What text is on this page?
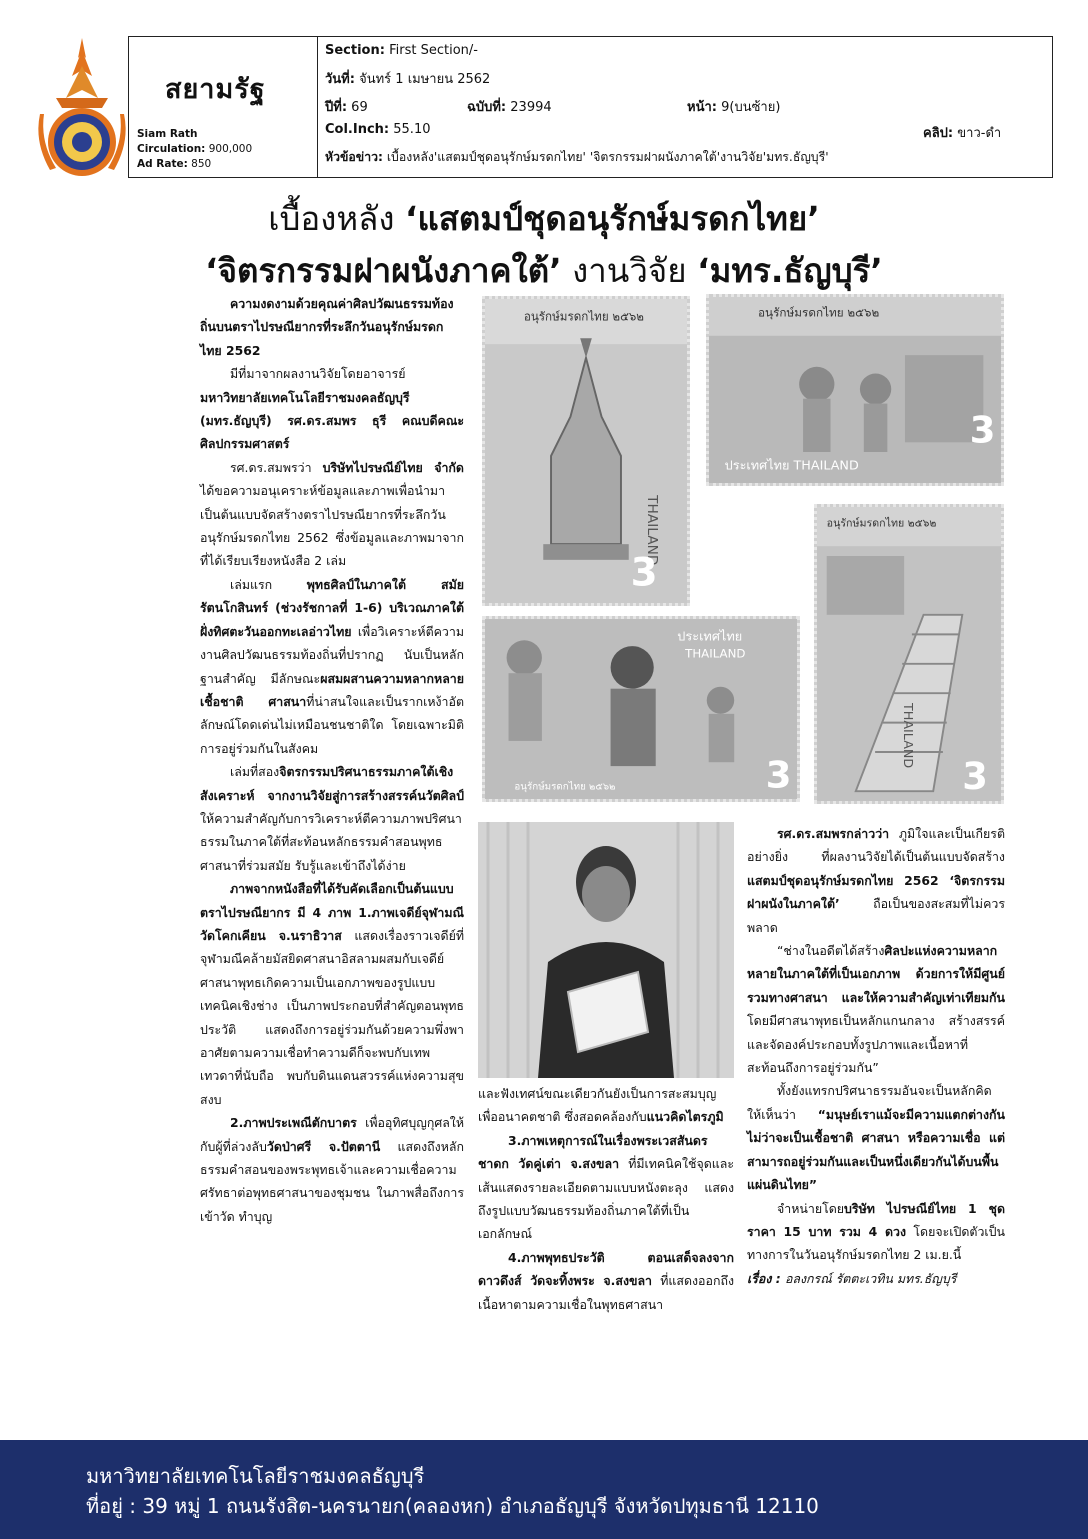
สยามรัฐ
Siam Rath
Circulation: 900,000
Ad Rate: 850
Section: First Section/-
วันที่: จันทร์ 1 เมษายน 2562
ปีที่: 69	ฉบับที่: 23994	หน้า: 9(บนซ้าย)
Col.Inch: 55.10	คลิป: ขาว-ดำ
หัวข้อข่าว: เบื้องหลัง'แสตมป์ชุดอนุรักษ์มรดกไทย' 'จิตรกรรมฝาผนังภาคใต้'งานวิจัย'มทร.ธัญบุรี'
เบื้องหลัง ‘แสตมป์ชุดอนุรักษ์มรดกไทย’
‘จิตรกรรมฝาผนังภาคใต้’ งานวิจัย ‘มทร.ธัญบุรี’
อนุรักษ์มรดกไทย ๒๕๖๒
THAILAND
3
อนุรักษ์มรดกไทย ๒๕๖๒
ประเทศไทย THAILAND
3
อนุรักษ์มรดกไทย ๒๕๖๒
THAILAND
3
ประเทศไทย
THAILAND
อนุรักษ์มรดกไทย ๒๕๖๒	3

ความงดงามด้วยคุณค่าศิลปวัฒนธรรมท้องถิ่นบนตราไปรษณียากรที่ระลึกวันอนุรักษ์มรดกไทย 2562

มีที่มาจากผลงานวิจัยโดยอาจารย์มหาวิทยาลัยเทคโนโลยีราชมงคลธัญบุรี (มทร.ธัญบุรี) รศ.ดร.สมพร ธุรี คณบดีคณะศิลปกรรมศาสตร์

รศ.ดร.สมพรว่า บริษัทไปรษณีย์ไทย จำกัดได้ขอความอนุเคราะห์ข้อมูลและภาพเพื่อนำมาเป็นต้นแบบจัดสร้างตราไปรษณียากรที่ระลึกวันอนุรักษ์มรดกไทย 2562 ซึ่งข้อมูลและภาพมาจากที่ได้เรียบเรียงหนังสือ 2 เล่ม

เล่มแรก พุทธศิลป์ในภาคใต้ สมัยรัตนโกสินทร์ (ช่วงรัชกาลที่ 1-6) บริเวณภาคใต้ฝั่งทิศตะวันออกทะเลอ่าวไทย เพื่อวิเคราะห์ตีความงานศิลปวัฒนธรรมท้องถิ่นที่ปรากฏ นับเป็นหลักฐานสำคัญ มีลักษณะผสมผสานความหลากหลายเชื้อชาติ ศาสนาที่น่าสนใจและเป็นรากเหง้าอัตลักษณ์โดดเด่นไม่เหมือนชนชาติใด โดยเฉพาะมิติการอยู่ร่วมกันในสังคม

เล่มที่สองจิตรกรรมปริศนาธรรมภาคใต้เชิงสังเคราะห์ จากงานวิจัยสู่การสร้างสรรค์นวัตศิลป์ ให้ความสำคัญกับการวิเคราะห์ตีความภาพปริศนาธรรมในภาคใต้ที่สะท้อนหลักธรรมคำสอนพุทธศาสนาที่ร่วมสมัย รับรู้และเข้าถึงได้ง่าย

ภาพจากหนังสือที่ได้รับคัดเลือกเป็นต้นแบบตราไปรษณียากร มี 4 ภาพ 1.ภาพเจดีย์จุฬามณี วัดโคกเคียน จ.นราธิวาส แสดงเรื่องราวเจดีย์ที่จุฬามณีคล้ายมัสยิดศาสนาอิสลามผสมกับเจดีย์ศาสนาพุทธเกิดความเป็นเอกภาพของรูปแบบเทคนิคเชิงช่าง เป็นภาพประกอบที่สำคัญตอนพุทธประวัติ แสดงถึงการอยู่ร่วมกันด้วยความพึ่งพาอาศัยตามความเชื่อทำความดีก็จะพบกับเทพเทวดาที่นับถือ พบกับดินแดนสวรรค์แห่งความสุขสงบ

2.ภาพประเพณีตักบาตร เพื่ออุทิศบุญกุศลให้กับผู้ที่ล่วงลับวัดป่าศรี จ.ปัตตานี แสดงถึงหลักธรรมคำสอนของพระพุทธเจ้าและความเชื่อความศรัทธาต่อพุทธศาสนาของชุมชน ในภาพสื่อถึงการเข้าวัด ทำบุญ

และฟังเทศน์ขณะเดียวกันยังเป็นการสะสมบุญเพื่ออนาคตชาติ ซึ่งสอดคล้องกับแนวคิดไตรภูมิ

3.ภาพเหตุการณ์ในเรื่องพระเวสสันดรชาดก วัดคู่เต่า จ.สงขลา ที่มีเทคนิคใช้จุดและเส้นแสดงรายละเอียดตามแบบหนังตะลุง แสดงถึงรูปแบบวัฒนธรรมท้องถิ่นภาคใต้ที่เป็นเอกลักษณ์

4.ภาพพุทธประวัติ ตอนเสด็จลงจากดาวดึงส์ วัดจะทิ้งพระ จ.สงขลา ที่แสดงออกถึงเนื้อหาตามความเชื่อในพุทธศาสนา

รศ.ดร.สมพรกล่าวว่า ภูมิใจและเป็นเกียรติอย่างยิ่ง ที่ผลงานวิจัยได้เป็นต้นแบบจัดสร้างแสตมป์ชุดอนุรักษ์มรดกไทย 2562 ‘จิตรกรรมฝาผนังในภาคใต้’ ถือเป็นของสะสมที่ไม่ควรพลาด

“ช่างในอดีตได้สร้างศิลปะแห่งความหลากหลายในภาคใต้ที่เป็นเอกภาพ ด้วยการให้มีศูนย์รวมทางศาสนา และให้ความสำคัญเท่าเทียมกัน โดยมีศาสนาพุทธเป็นหลักแกนกลาง สร้างสรรค์และจัดองค์ประกอบทั้งรูปภาพและเนื้อหาที่สะท้อนถึงการอยู่ร่วมกัน”

ทั้งยังแทรกปริศนาธรรมอันจะเป็นหลักคิดให้เห็นว่า “มนุษย์เราแม้จะมีความแตกต่างกัน ไม่ว่าจะเป็นเชื้อชาติ ศาสนา หรือความเชื่อ แต่สามารถอยู่ร่วมกันและเป็นหนึ่งเดียวกันได้บนพื้นแผ่นดินไทย”

จำหน่ายโดยบริษัท ไปรษณีย์ไทย 1 ชุด ราคา 15 บาท รวม 4 ดวง โดยจะเปิดตัวเป็นทางการในวันอนุรักษ์มรดกไทย 2 เม.ย.นี้

เรื่อง : อลงกรณ์ รัตตะเวทิน มทร.ธัญบุรี

มหาวิทยาลัยเทคโนโลยีราชมงคลธัญบุรี
ที่อยู่ : 39 หมู่ 1 ถนนรังสิต-นครนายก(คลองหก) อำเภอธัญบุรี จังหวัดปทุมธานี 12110
